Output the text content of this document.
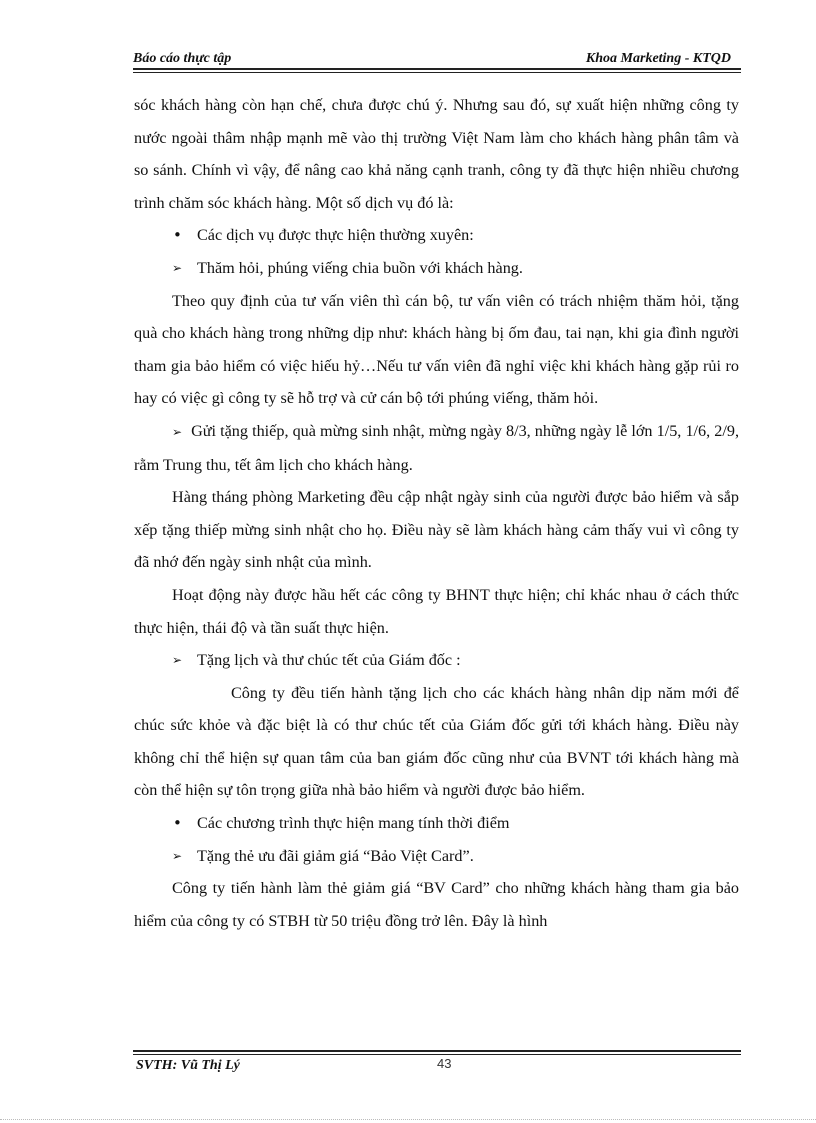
Báo cáo thực tập	Khoa Marketing - KTQD

sóc khách hàng còn hạn chế, chưa được chú ý. Nhưng sau đó, sự xuất hiện những công ty nước ngoài thâm nhập mạnh mẽ vào thị trường Việt Nam làm cho khách hàng phân tâm và so sánh. Chính vì vậy, để nâng cao khả năng cạnh tranh, công ty đã thực hiện nhiều chương trình chăm sóc khách hàng. Một số dịch vụ đó là:

• Các dịch vụ được thực hiện thường xuyên:

➢ Thăm hỏi, phúng viếng chia buồn với khách hàng.

Theo quy định của tư vấn viên thì cán bộ, tư vấn viên có trách nhiệm thăm hỏi, tặng quà cho khách hàng trong những dịp như: khách hàng bị ốm đau, tai nạn, khi gia đình người tham gia bảo hiểm có việc hiếu hỷ…Nếu tư vấn viên đã nghỉ việc khi khách hàng gặp rủi ro hay có việc gì công ty sẽ hỗ trợ và cử cán bộ tới phúng viếng, thăm hỏi.

➢ Gửi tặng thiếp, quà mừng sinh nhật, mừng ngày 8/3, những ngày lễ lớn 1/5, 1/6, 2/9, rằm Trung thu, tết âm lịch cho khách hàng.

Hàng tháng phòng Marketing đều cập nhật ngày sinh của người được bảo hiểm và sắp xếp tặng thiếp mừng sinh nhật cho họ. Điều này sẽ làm khách hàng cảm thấy vui vì công ty đã nhớ đến ngày sinh nhật của mình.

Hoạt động này được hầu hết các công ty BHNT thực hiện; chỉ khác nhau ở cách thức thực hiện, thái độ và tần suất thực hiện.

➢ Tặng lịch và thư chúc tết của Giám đốc :

Công ty đều tiến hành tặng lịch cho các khách hàng nhân dịp năm mới để chúc sức khỏe và đặc biệt là có thư chúc tết của Giám đốc gửi tới khách hàng. Điều này không chỉ thể hiện sự quan tâm của ban giám đốc cũng như của BVNT tới khách hàng mà còn thể hiện sự tôn trọng giữa nhà bảo hiểm và người được bảo hiểm.

• Các chương trình thực hiện mang tính thời điểm

➢ Tặng thẻ ưu đãi giảm giá “Bảo Việt Card”.

Công ty tiến hành làm thẻ giảm giá “BV Card” cho những khách hàng tham gia bảo hiểm của công ty có STBH từ 50 triệu đồng trở lên. Đây là hình

SVTH: Vũ Thị Lý	43
